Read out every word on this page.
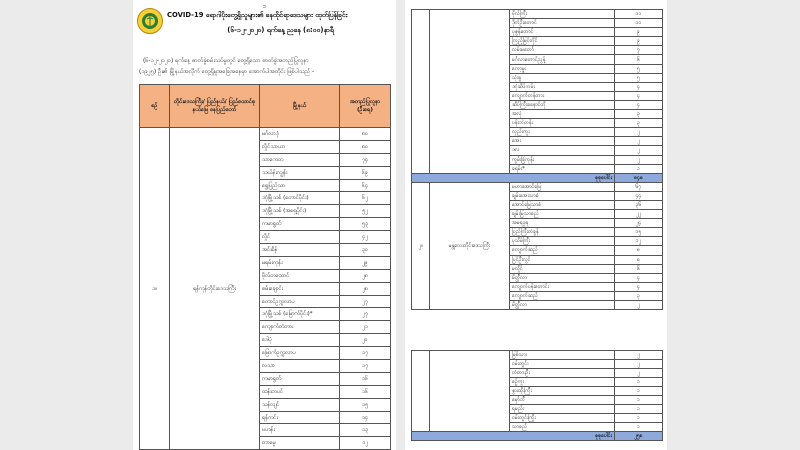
၁
COVID-19 ရောဂါပိုးတွေ့ရှိသူများ၏ နေထိုင်ရာဒေသများ ထုတ်ပြန်ခြင်း
(၆-၁၂-၂၀၂၀) ရက်နေ့ ညနေ (၈:၀၀)နာရီ
(၆-၁၂-၂၀၂၀) ရက်နေ့ ဓာတ်ခွဲစမ်းသပ်မှုတွင် တွေ့ရှိသော ဓာတ်ခွဲအတည်ပြုလူနာ
(၁၉၂၅) ဦး၏ မြို့နယ်အလိုက် တွေ့ရှိမှုအခြေအနေမှာ အောက်ပါအတိုင်း ဖြစ်ပါသည် -
စဉ်	တိုင်းဒေသကြီး/ ပြည်နယ်/ ပြည်ထောင်စုနယ်မြေ နေပြည်တော်	မြို့နယ်	အတည်ပြုလူနာ (ဦးရေ)
၁။	ရန်ကုန်တိုင်းဒေသကြီး	မင်္ဂလာဒုံ	၈၀
		လှိုင်သာယာ	၈၀
		သာကေတ	၇၄
		သင်္ဃန်းကျွန်း	၆၉
		ရွှေပြည်သာ	၆၄
		ဒဂုံမြို့သစ် (တောင်ပိုင်း)	၆၂
		ဒဂုံမြို့သစ် (အရှေ့ပိုင်း)	၅၂
		ကမာရွတ်	၅၃
		လှိုင်	၄၂
		အင်းစိန်	၃၀
		မရမ်းကုန်း	၂၉
		ဗိုလ်တထောင်	၂၈
		စမ်းချောင်း	၂၈
		တောင်ဥက္ကလာပ	၂၇
		ဒဂုံမြို့သစ် (မြောက်ပိုင်း)*	၂၇
		ကျောက်တံတား	၂၁
		ဒေါပုံ	၂၀
		မြောက်ဥက္ကလာပ	၁၇
		လသာ	၁၇
		ကမာရွတ်	၁၆
		ထန်းတပင်	၁၆
		သန်လျင်	၁၅
		ရန်ကင်း	၁၄
		ဗဟန်း	၁၃
		တာမွေ	၁၂
		ဗိုလ်ကြီး	၁၁
		ဒိုက်ဦးတောင်	၁၀
		ပုဇွန်တောင်	၉
		ကြည့်မြင်တိုင်	၉
		လမ်းမတော်	၇
		မင်္ဂလာတောင်ညွန့်	၆
		ကော့မှူး	၅
		သုံးခွ	၅
		ဒဂုံဆိပ်ကမ်း	၄
		ကျောက်တန်တား	၄
		ဆိပ်ကြီးခနောင်တို	၄
		အလုံ	၃
		ပန်းဘဲတန်း	၃
		လှည်းကူး	၂
		အေး	၂
		ဒလ	၂
		ကွမ်းခြံကုန်း	၂
		ခရမ်း*	၁
စုစုပေါင်း			၈၄၈
၂။	မန္တလေးတိုင်းဒေသကြီး	မဟာအောင်မြေ	၆၇
		ချမ်းအေးသာစံ	၄၄
		အောင်မြေသာစံ	၃၆
		ချမ်းမြသာစည်	၂၂
		အမရပူရ	၂၄
		ပြည်ကြီးတံခွန်	၁၅
		ပုသိမ်ကြီး	၁၂
		ကျောက်ဆည်	၈
		ပြင်ဦးလွင်	၈
		မလှိုင်	၆
		မိတ္ထီလာ	၄
		ကျောက်ပန်းတောင်း	၄
		ကျောက်ဆည်	၃
		မိတ္ထီလာ	၂
		မြစ်သား	၂
		ဝမ်းတွင်း	၂
		တံတားဦး	၂
		စဉ့်ကူး	၁
		နွားထိုးကြီး	၁
		မှော်ဘီ	၁
		ရမည်း	၁
		ဝမ်းတွင်းကြိုး	၁
		သာစည်	၁
စုစုပေါင်း			၂၅၈
